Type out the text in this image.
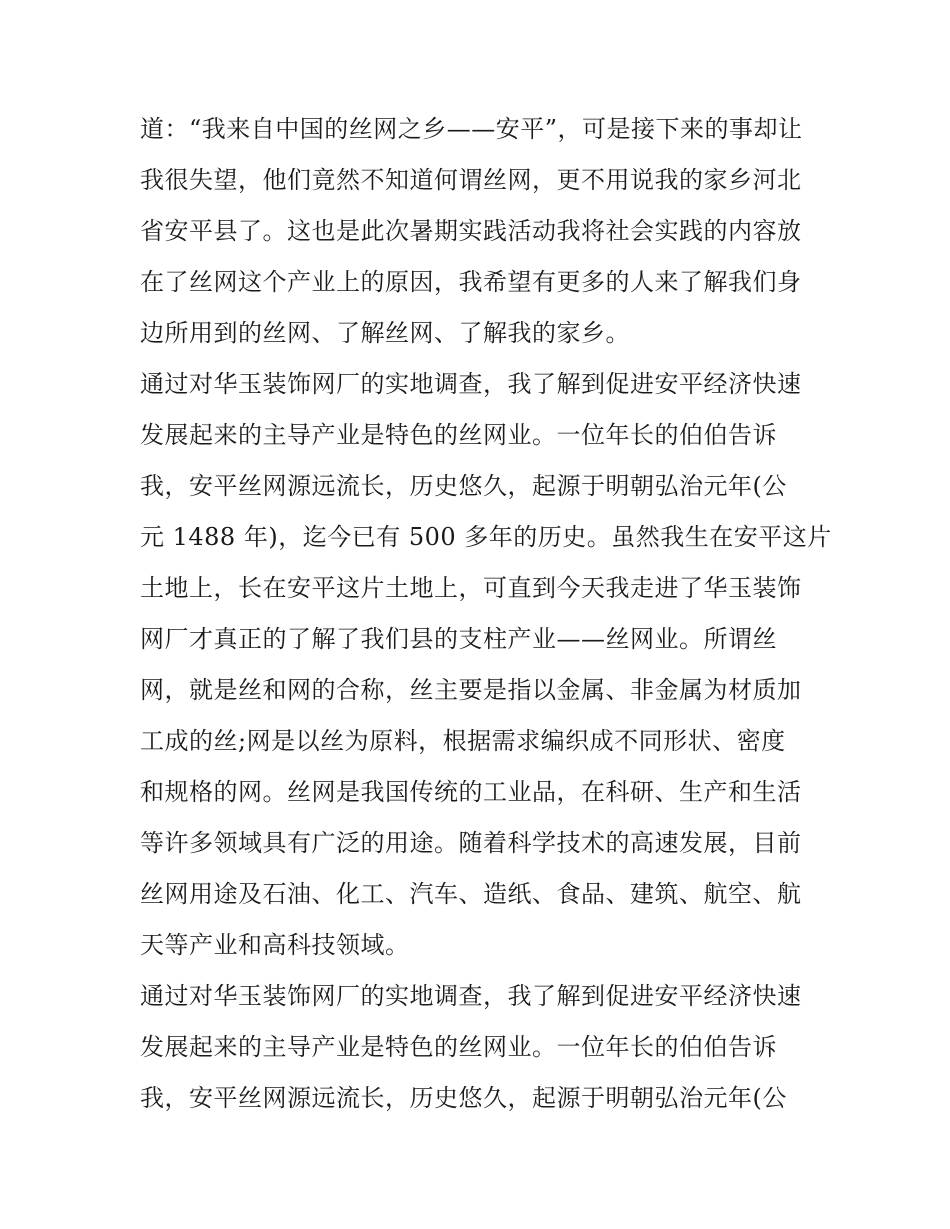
道：“我来自中国的丝网之乡——安平”，可是接下来的事却让
我很失望，他们竟然不知道何谓丝网，更不用说我的家乡河北
省安平县了。这也是此次暑期实践活动我将社会实践的内容放
在了丝网这个产业上的原因，我希望有更多的人来了解我们身
边所用到的丝网、了解丝网、了解我的家乡。
通过对华玉装饰网厂的实地调查，我了解到促进安平经济快速
发展起来的主导产业是特色的丝网业。一位年长的伯伯告诉
我，安平丝网源远流长，历史悠久，起源于明朝弘治元年(公
元 1488 年)，迄今已有 500 多年的历史。虽然我生在安平这片
土地上，长在安平这片土地上，可直到今天我走进了华玉装饰
网厂才真正的了解了我们县的支柱产业——丝网业。所谓丝
网，就是丝和网的合称，丝主要是指以金属、非金属为材质加
工成的丝;网是以丝为原料，根据需求编织成不同形状、密度
和规格的网。丝网是我国传统的工业品，在科研、生产和生活
等许多领域具有广泛的用途。随着科学技术的高速发展，目前
丝网用途及石油、化工、汽车、造纸、食品、建筑、航空、航
天等产业和高科技领域。
通过对华玉装饰网厂的实地调查，我了解到促进安平经济快速
发展起来的主导产业是特色的丝网业。一位年长的伯伯告诉
我，安平丝网源远流长，历史悠久，起源于明朝弘治元年(公
